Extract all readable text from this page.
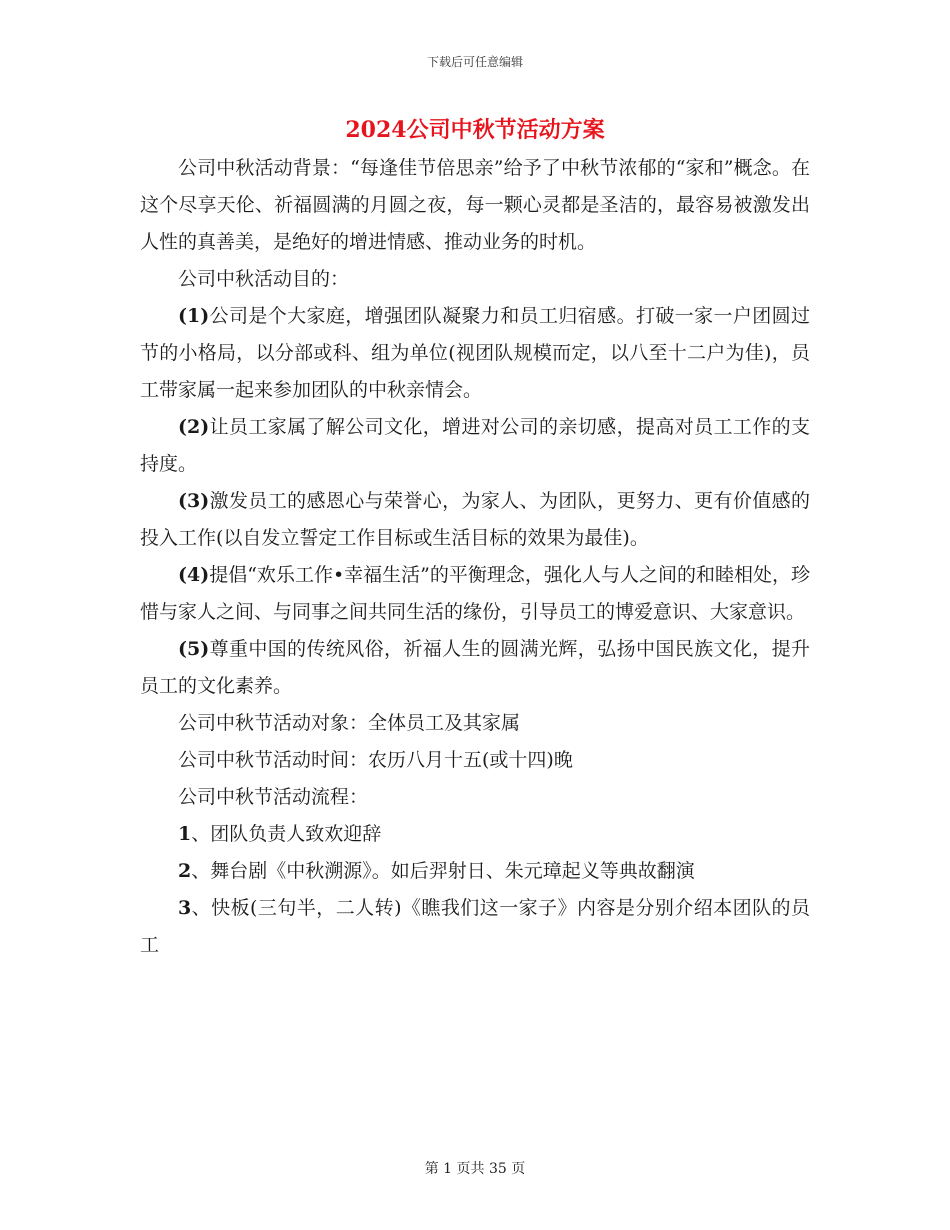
下载后可任意编辑
2024公司中秋节活动方案

公司中秋活动背景：“每逢佳节倍思亲”给予了中秋节浓郁的“家和”概念。在这个尽享天伦、祈福圆满的月圆之夜，每一颗心灵都是圣洁的，最容易被激发出人性的真善美，是绝好的增进情感、推动业务的时机。

公司中秋活动目的：

(1)公司是个大家庭，增强团队凝聚力和员工归宿感。打破一家一户团圆过节的小格局，以分部或科、组为单位(视团队规模而定，以八至十二户为佳)，员工带家属一起来参加团队的中秋亲情会。

(2)让员工家属了解公司文化，增进对公司的亲切感，提高对员工工作的支持度。

(3)激发员工的感恩心与荣誉心，为家人、为团队，更努力、更有价值感的投入工作(以自发立誓定工作目标或生活目标的效果为最佳)。

(4)提倡“欢乐工作•幸福生活”的平衡理念，强化人与人之间的和睦相处，珍惜与家人之间、与同事之间共同生活的缘份，引导员工的博爱意识、大家意识。

(5)尊重中国的传统风俗，祈福人生的圆满光辉，弘扬中国民族文化，提升员工的文化素养。

公司中秋节活动对象：全体员工及其家属

公司中秋节活动时间：农历八月十五(或十四)晚

公司中秋节活动流程：

1、团队负责人致欢迎辞

2、舞台剧《中秋溯源》。如后羿射日、朱元璋起义等典故翻演

3、快板(三句半，二人转)《瞧我们这一家子》内容是分别介绍本团队的员工

第 1 页共 35 页
